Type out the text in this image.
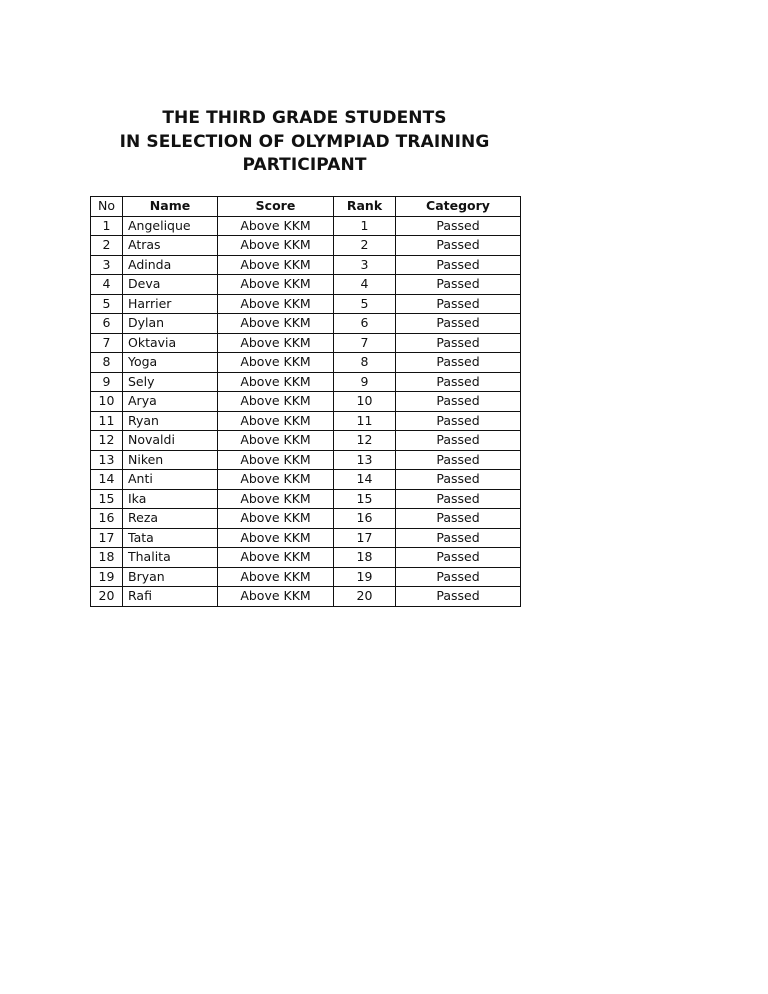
THE THIRD GRADE STUDENTS
IN SELECTION OF OLYMPIAD TRAINING
PARTICIPANT
No	Name	Score	Rank	Category
1	Angelique	Above KKM	1	Passed
2	Atras	Above KKM	2	Passed
3	Adinda	Above KKM	3	Passed
4	Deva	Above KKM	4	Passed
5	Harrier	Above KKM	5	Passed
6	Dylan	Above KKM	6	Passed
7	Oktavia	Above KKM	7	Passed
8	Yoga	Above KKM	8	Passed
9	Sely	Above KKM	9	Passed
10	Arya	Above KKM	10	Passed
11	Ryan	Above KKM	11	Passed
12	Novaldi	Above KKM	12	Passed
13	Niken	Above KKM	13	Passed
14	Anti	Above KKM	14	Passed
15	Ika	Above KKM	15	Passed
16	Reza	Above KKM	16	Passed
17	Tata	Above KKM	17	Passed
18	Thalita	Above KKM	18	Passed
19	Bryan	Above KKM	19	Passed
20	Rafi	Above KKM	20	Passed
